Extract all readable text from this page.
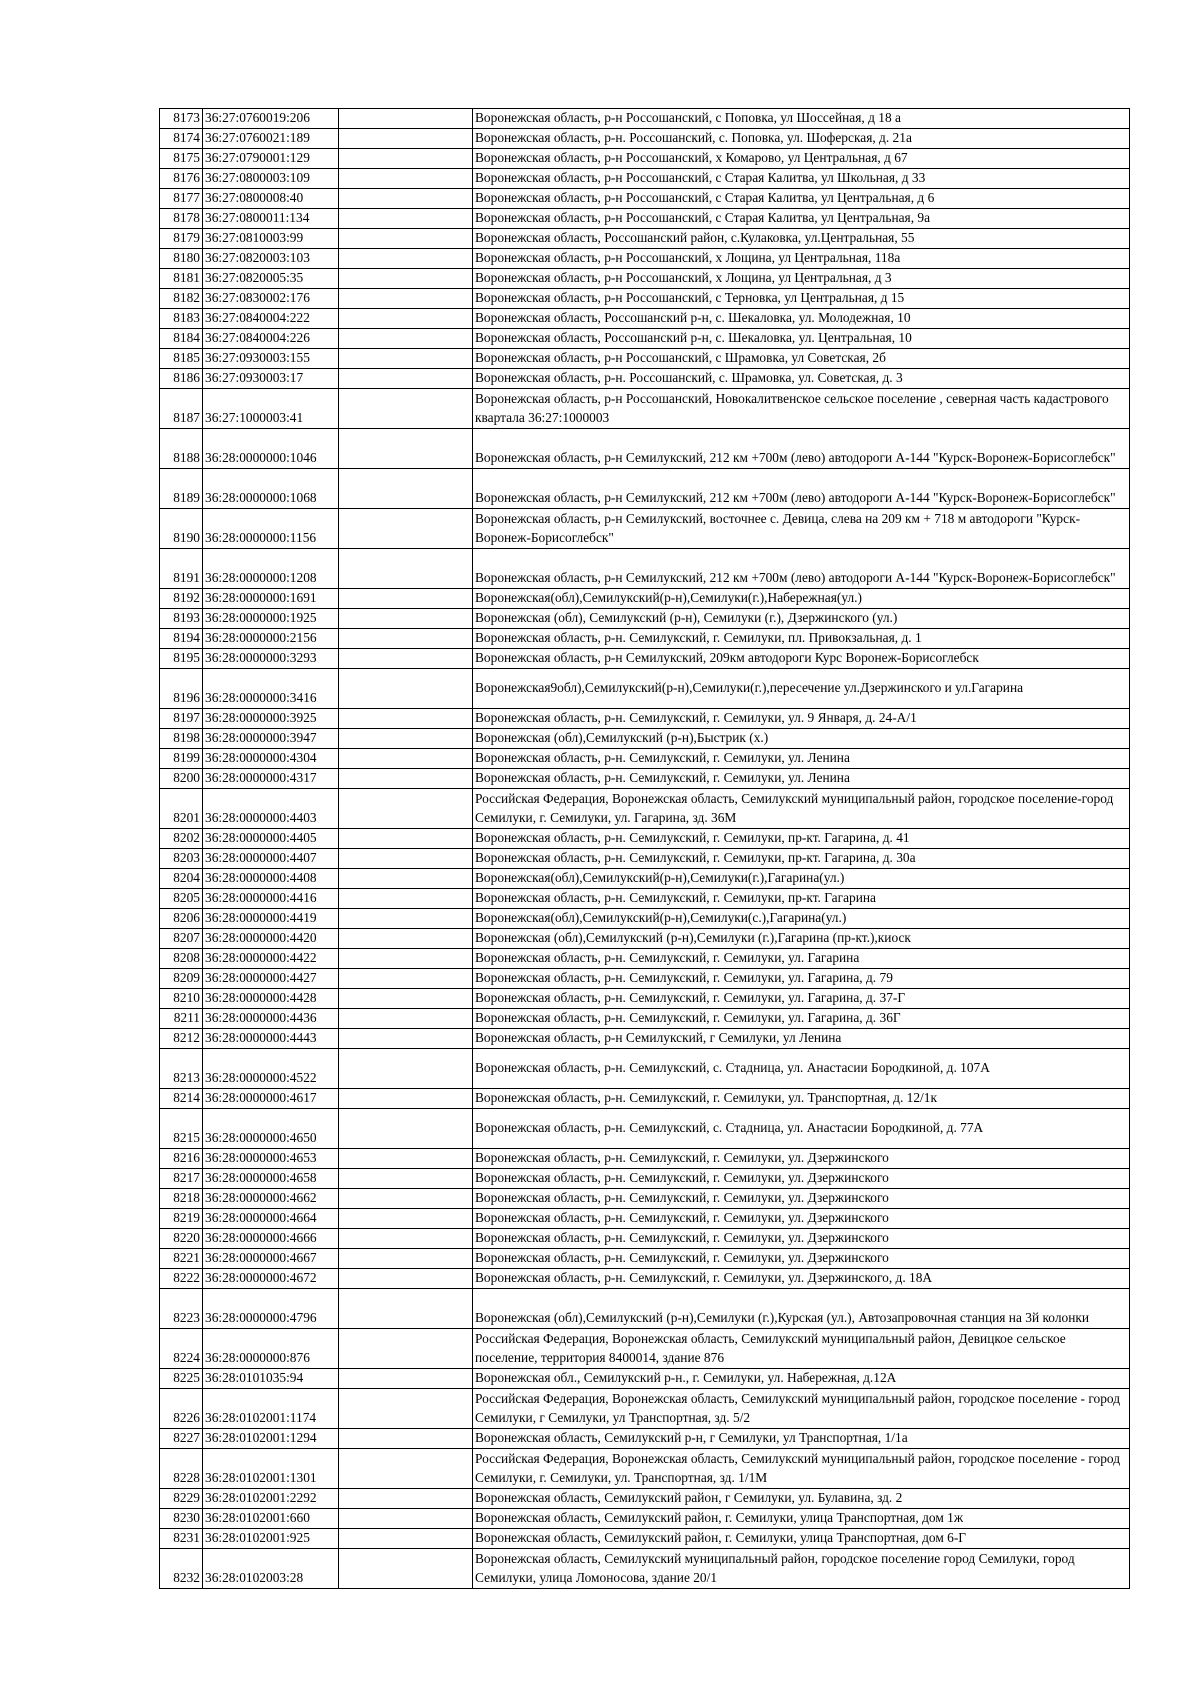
8173	36:27:0760019:206		Воронежская область, р-н Россошанский, с Поповка, ул Шоссейная, д 18 а
8174	36:27:0760021:189		Воронежская область, р-н. Россошанский, с. Поповка, ул. Шоферская, д. 21а
8175	36:27:0790001:129		Воронежская область, р-н Россошанский, х Комарово, ул Центральная, д 67
8176	36:27:0800003:109		Воронежская область, р-н Россошанский, с Старая Калитва, ул Школьная, д 33
8177	36:27:0800008:40		Воронежская область, р-н Россошанский, с Старая Калитва, ул Центральная, д 6
8178	36:27:0800011:134		Воронежская область, р-н Россошанский, с Старая Калитва, ул Центральная, 9а
8179	36:27:0810003:99		Воронежская область, Россошанский район, с.Кулаковка, ул.Центральная, 55
8180	36:27:0820003:103		Воронежская область, р-н Россошанский, х Лощина, ул Центральная, 118а
8181	36:27:0820005:35		Воронежская область, р-н Россошанский, х Лощина, ул Центральная, д 3
8182	36:27:0830002:176		Воронежская область, р-н Россошанский, с Терновка, ул Центральная, д 15
8183	36:27:0840004:222		Воронежская область, Россошанский р-н, с. Шекаловка, ул. Молодежная, 10
8184	36:27:0840004:226		Воронежская область, Россошанский р-н, с. Шекаловка, ул. Центральная, 10
8185	36:27:0930003:155		Воронежская область, р-н Россошанский, с Шрамовка, ул Советская, 2б
8186	36:27:0930003:17		Воронежская область, р-н. Россошанский, с. Шрамовка, ул. Советская, д. 3
8187	36:27:1000003:41		Воронежская область, р-н Россошанский, Новокалитвенское сельское поселение , северная часть кадастрового квартала 36:27:1000003
8188	36:28:0000000:1046		Воронежская область, р-н Семилукский, 212 км +700м (лево) автодороги А-144 "Курск-Воронеж-Борисоглебск"
8189	36:28:0000000:1068		Воронежская область, р-н Семилукский, 212 км +700м (лево) автодороги А-144 "Курск-Воронеж-Борисоглебск"
8190	36:28:0000000:1156		Воронежская область, р-н Семилукский, восточнее с. Девица, слева на 209 км + 718 м автодороги "Курск-Воронеж-Борисоглебск"
8191	36:28:0000000:1208		Воронежская область, р-н Семилукский, 212 км +700м (лево) автодороги А-144 "Курск-Воронеж-Борисоглебск"
8192	36:28:0000000:1691		Воронежская(обл),Семилукский(р-н),Семилуки(г.),Набережная(ул.)
8193	36:28:0000000:1925		Воронежская (обл), Семилукский (р-н), Семилуки (г.), Дзержинского (ул.)
8194	36:28:0000000:2156		Воронежская область, р-н. Семилукский, г. Семилуки, пл. Привокзальная, д. 1
8195	36:28:0000000:3293		Воронежская область, р-н Семилукский, 209км автодороги Курс Воронеж-Борисоглебск
8196	36:28:0000000:3416		Воронежская9обл),Семилукский(р-н),Семилуки(г.),пересечение ул.Дзержинского и ул.Гагарина
8197	36:28:0000000:3925		Воронежская область, р-н. Семилукский, г. Семилуки, ул. 9 Января, д. 24-А/1
8198	36:28:0000000:3947		Воронежская (обл),Семилукский (р-н),Быстрик (х.)
8199	36:28:0000000:4304		Воронежская область, р-н. Семилукский, г. Семилуки, ул. Ленина
8200	36:28:0000000:4317		Воронежская область, р-н. Семилукский, г. Семилуки, ул. Ленина
8201	36:28:0000000:4403		Российская Федерация, Воронежская область, Семилукский муниципальный район, городское поселение-город Семилуки, г. Семилуки, ул. Гагарина, зд. 36М
8202	36:28:0000000:4405		Воронежская область, р-н. Семилукский, г. Семилуки, пр-кт. Гагарина, д. 41
8203	36:28:0000000:4407		Воронежская область, р-н. Семилукский, г. Семилуки, пр-кт. Гагарина, д. 30а
8204	36:28:0000000:4408		Воронежская(обл),Семилукский(р-н),Семилуки(г.),Гагарина(ул.)
8205	36:28:0000000:4416		Воронежская область, р-н. Семилукский, г. Семилуки, пр-кт. Гагарина
8206	36:28:0000000:4419		Воронежская(обл),Семилукский(р-н),Семилуки(с.),Гагарина(ул.)
8207	36:28:0000000:4420		Воронежская (обл),Семилукский (р-н),Семилуки (г.),Гагарина (пр-кт.),киоск
8208	36:28:0000000:4422		Воронежская область, р-н. Семилукский, г. Семилуки, ул. Гагарина
8209	36:28:0000000:4427		Воронежская область, р-н. Семилукский, г. Семилуки, ул. Гагарина, д. 79
8210	36:28:0000000:4428		Воронежская область, р-н. Семилукский, г. Семилуки, ул. Гагарина, д. 37-Г
8211	36:28:0000000:4436		Воронежская область, р-н. Семилукский, г. Семилуки, ул. Гагарина, д. 36Г
8212	36:28:0000000:4443		Воронежская область, р-н Семилукский, г Семилуки, ул Ленина
8213	36:28:0000000:4522		Воронежская область, р-н. Семилукский, с. Стадница, ул. Анастасии Бородкиной, д. 107А
8214	36:28:0000000:4617		Воронежская область, р-н. Семилукский, г. Семилуки, ул. Транспортная, д. 12/1к
8215	36:28:0000000:4650		Воронежская область, р-н. Семилукский, с. Стадница, ул. Анастасии Бородкиной, д. 77А
8216	36:28:0000000:4653		Воронежская область, р-н. Семилукский, г. Семилуки, ул. Дзержинского
8217	36:28:0000000:4658		Воронежская область, р-н. Семилукский, г. Семилуки, ул. Дзержинского
8218	36:28:0000000:4662		Воронежская область, р-н. Семилукский, г. Семилуки, ул. Дзержинского
8219	36:28:0000000:4664		Воронежская область, р-н. Семилукский, г. Семилуки, ул. Дзержинского
8220	36:28:0000000:4666		Воронежская область, р-н. Семилукский, г. Семилуки, ул. Дзержинского
8221	36:28:0000000:4667		Воронежская область, р-н. Семилукский, г. Семилуки, ул. Дзержинского
8222	36:28:0000000:4672		Воронежская область, р-н. Семилукский, г. Семилуки, ул. Дзержинского, д. 18А
8223	36:28:0000000:4796		Воронежская (обл),Семилукский (р-н),Семилуки (г.),Курская (ул.), Автозапровочная станция на 3й колонки
8224	36:28:0000000:876		Российская Федерация, Воронежская область, Семилукский муниципальный район, Девицкое сельское поселение, территория 8400014, здание 876
8225	36:28:0101035:94		Воронежская обл., Семилукский р-н., г. Семилуки, ул. Набережная, д.12А
8226	36:28:0102001:1174		Российская Федерация, Воронежская область, Семилукский муниципальный район, городское поселение - город Семилуки, г Семилуки, ул Транспортная, зд. 5/2
8227	36:28:0102001:1294		Воронежская область, Семилукский р-н, г Семилуки, ул Транспортная, 1/1а
8228	36:28:0102001:1301		Российская Федерация, Воронежская область, Семилукский муниципальный район, городское поселение - город Семилуки, г. Семилуки, ул. Транспортная, зд. 1/1М
8229	36:28:0102001:2292		Воронежская область, Семилукский район, г Семилуки, ул. Булавина, зд. 2
8230	36:28:0102001:660		Воронежская область, Семилукский район, г. Семилуки, улица Транспортная, дом 1ж
8231	36:28:0102001:925		Воронежская область, Семилукский район, г. Семилуки, улица Транспортная, дом 6-Г
8232	36:28:0102003:28		Воронежская область, Семилукский муниципальный район, городское поселение город Семилуки, город Семилуки, улица Ломоносова, здание 20/1
